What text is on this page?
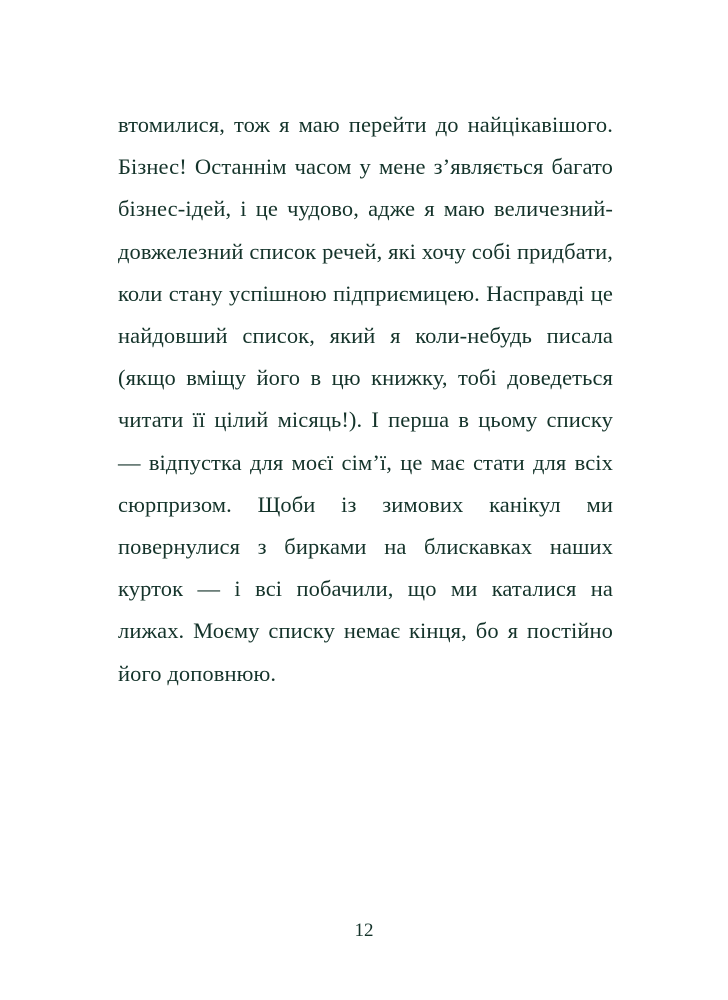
втомилися, тож я маю перейти до найцікавішого. Бізнес! Останнім часом у мене з’являється багато бізнес-ідей, і це чудово, адже я маю величезний-довжелезний список речей, які хочу собі придбати, коли стану успішною підприємицею. Насправді це найдовший список, який я коли-небудь писала (якщо вміщу його в цю книжку, тобі доведеться читати її цілий місяць!). І перша в цьому списку — відпустка для моєї сім’ї, це має стати для всіх сюрпризом. Щоби із зимових канікул ми повернулися з бирками на блискавках наших курток — і всі побачили, що ми каталися на лижах. Моєму списку немає кінця, бо я постійно його доповнюю.

12
